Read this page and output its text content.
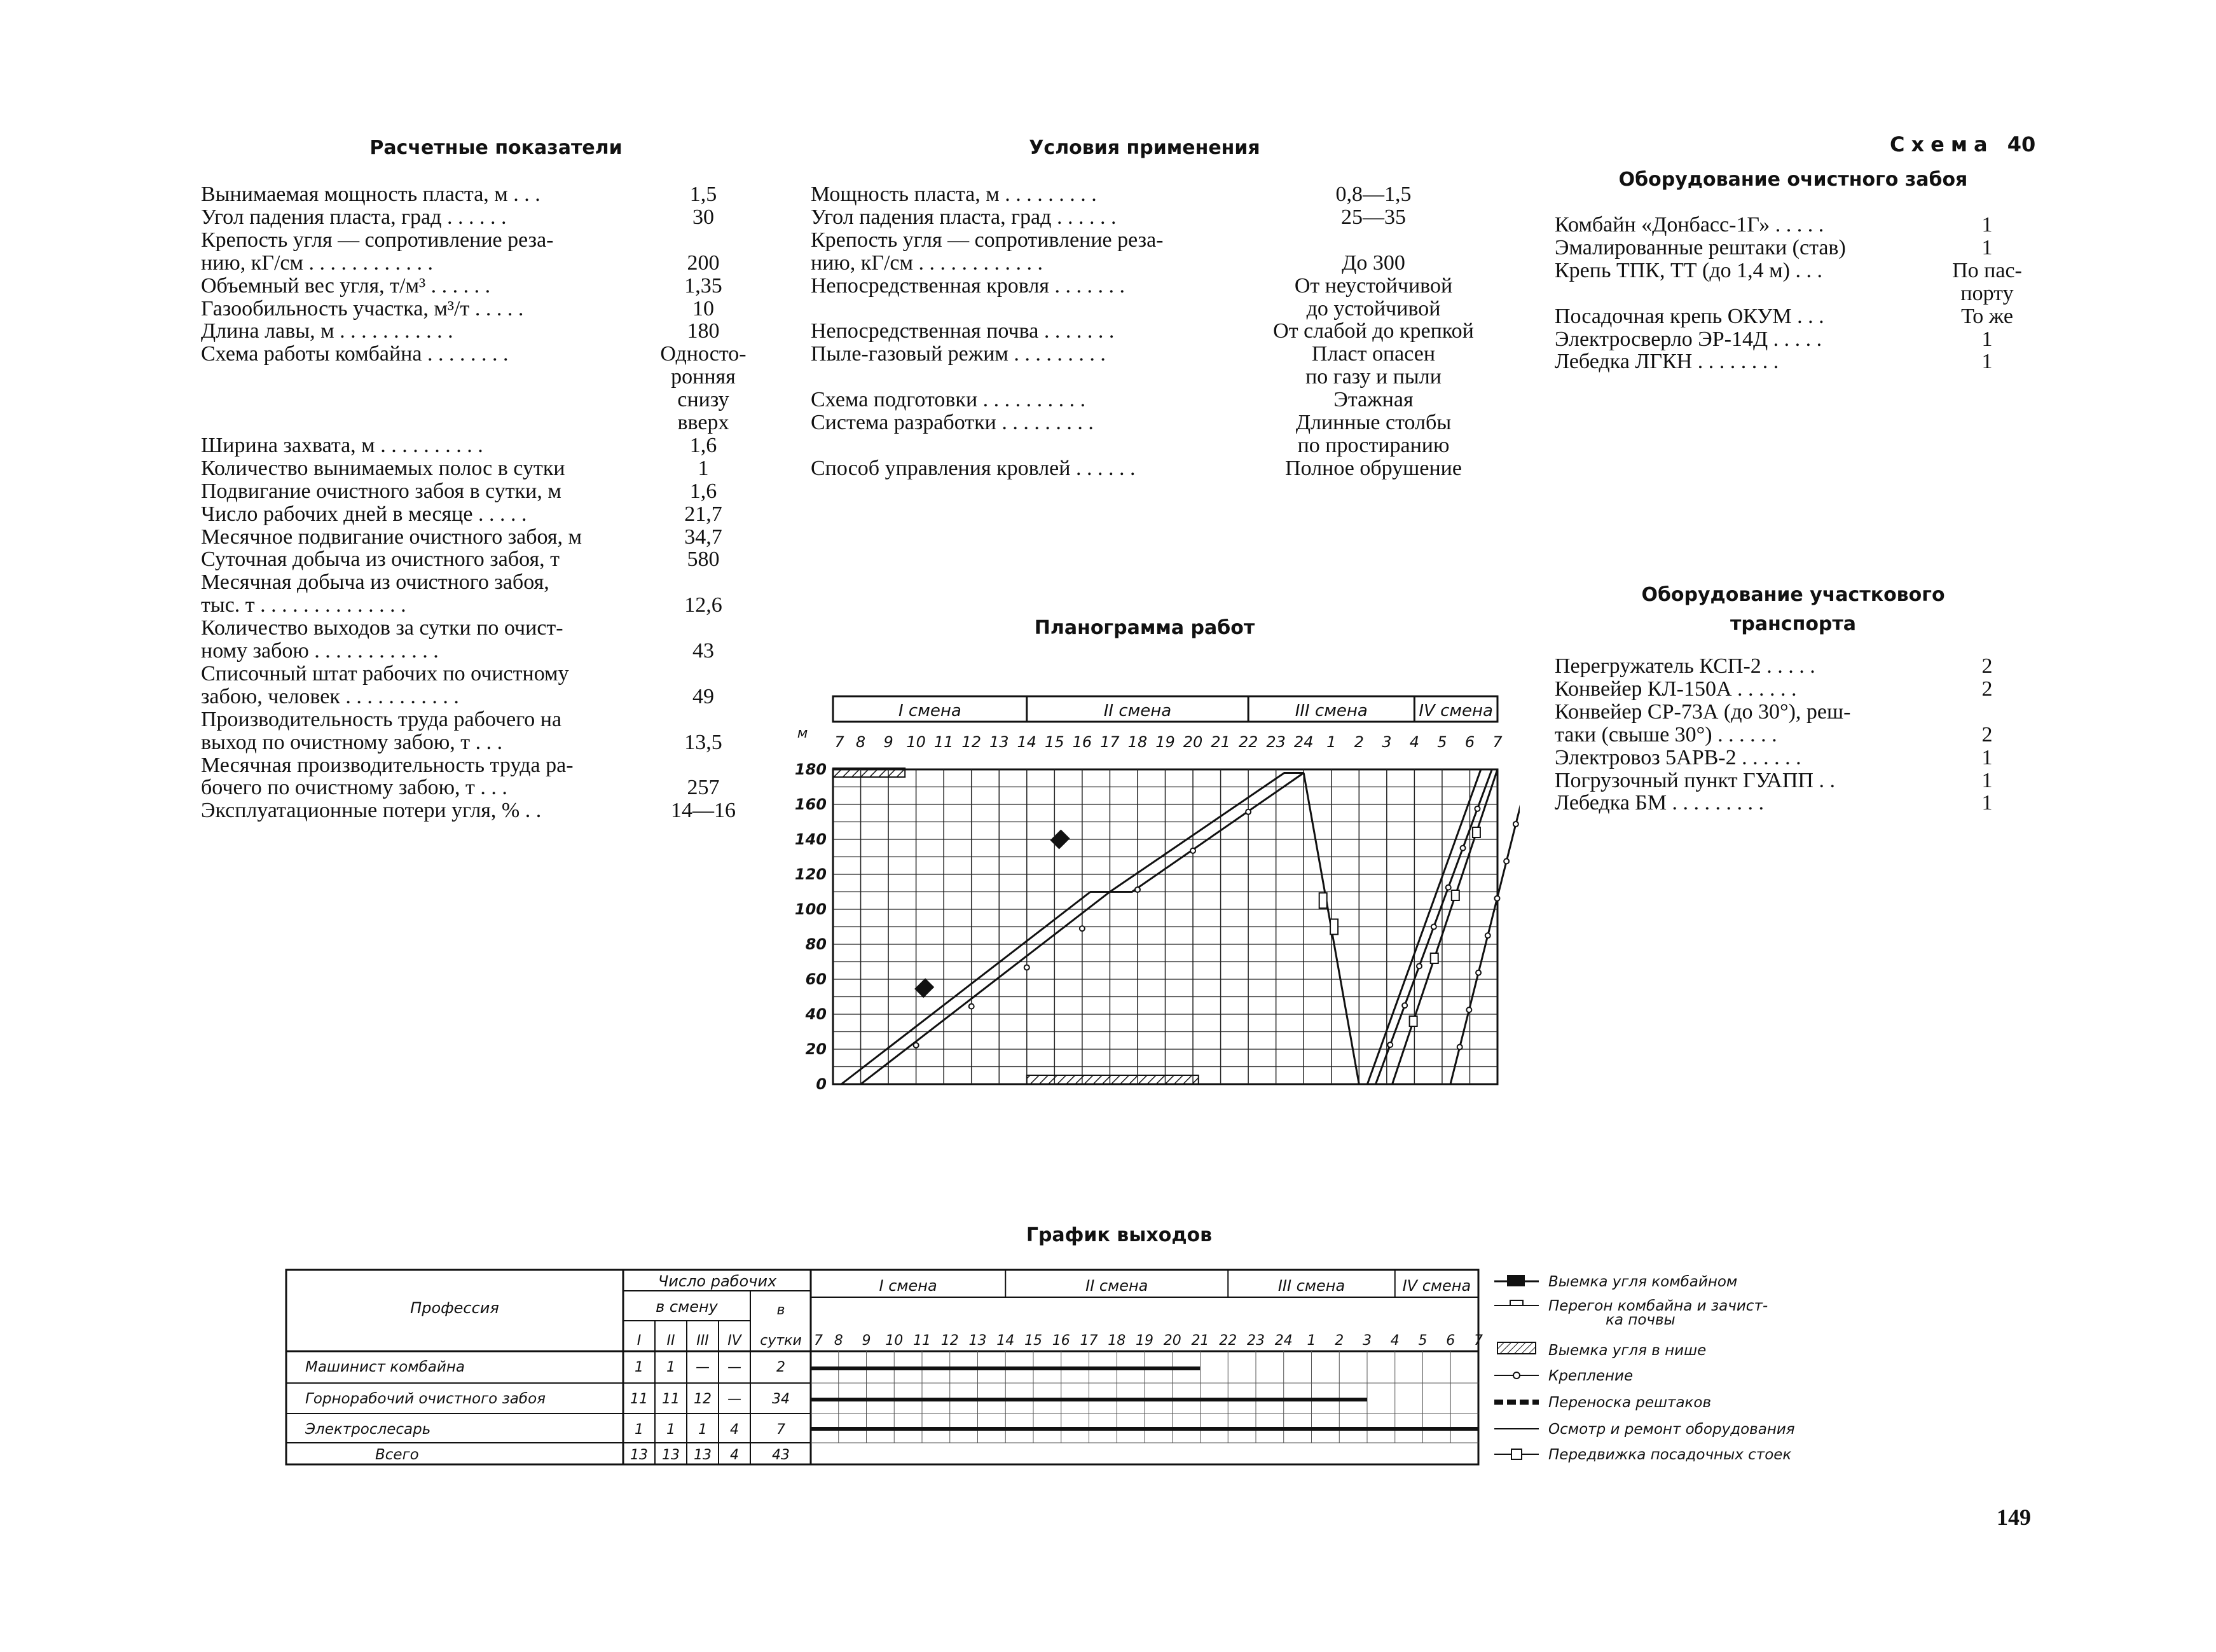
Схема 40
Расчетные показатели
Вынимаемая мощность пласта, м . . .	1,5
Угол падения пласта, град . . . . . .	30
Крепость угля — сопротивление реза-
нию, кГ/см . . . . . . . . . . . .	200
Объемный вес угля, т/м³ . . . . . .	1,35
Газообильность участка, м³/т . . . . .	10
Длина лавы, м . . . . . . . . . . .	180
Схема работы комбайна . . . . . . . .	Односто-
ронняя
снизу
вверх
Ширина захвата, м . . . . . . . . . .	1,6
Количество вынимаемых полос в сутки	1
Подвигание очистного забоя в сутки, м	1,6
Число рабочих дней в месяце . . . . .	21,7
Месячное подвигание очистного забоя, м	34,7
Суточная добыча из очистного забоя, т	580
Месячная добыча из очистного забоя,
тыс. т . . . . . . . . . . . . . .	12,6
Количество выходов за сутки по очист-
ному забою . . . . . . . . . . . .	43
Списочный штат рабочих по очистному
забою, человек . . . . . . . . . . .	49
Производительность труда рабочего на
выход по очистному забою, т . . .	13,5
Месячная производительность труда ра-
бочего по очистному забою, т . . .	257
Эксплуатационные потери угля, % . .	14—16
Условия применения
Мощность пласта, м . . . . . . . . .	0,8—1,5
Угол падения пласта, град . . . . . .	25—35
Крепость угля — сопротивление реза-
нию, кГ/см . . . . . . . . . . . .	До 300
Непосредственная кровля . . . . . . .	От неустойчивой
до устойчивой
Непосредственная почва . . . . . . .	От слабой до крепкой
Пыле-газовый режим . . . . . . . . .	Пласт опасен
по газу и пыли
Схема подготовки . . . . . . . . . .	Этажная
Система разработки . . . . . . . . .	Длинные столбы
по простиранию
Способ управления кровлей . . . . . .	Полное обрушение
Оборудование очистного забоя
Комбайн «Донбасс-1Г» . . . . .	1
Эмалированные рештаки (став)	1
Крепь ТПК, ТТ (до 1,4 м) . . .	По пас-
порту
Посадочная крепь ОКУМ . . .	То же
Электросверло ЭР-14Д . . . . .	1
Лебедка ЛГКН . . . . . . . .	1
Оборудование участкового
транспорта
Перегружатель КСП-2 . . . . .	2
Конвейер КЛ-150А . . . . . .	2
Конвейер СР-73А (до 30°), реш-
таки (свыше 30°) . . . . . .	2
Электровоз 5АРВ-2 . . . . . .	1
Погрузочный пункт ГУАПП . .	1
Лебедка БМ . . . . . . . . .	1
Планограмма работ
I смена	II смена	III смена	IV смена
7 8 9 10 11 12 13 14 15 16 17 18 19 20 21 22 23 24 1 2 3 4 5 6 7
м
180
160
140
120
100
80
60
40
20
0
График выходов
Профессия
Число рабочих
в смену	в
сутки
I II III IV
I смена	II смена	III смена	IV смена
7 8 9 10 11 12 13 14 15 16 17 18 19 20 21 22 23 24 1 2 3 4 5 6 7
Машинист комбайна	1 1 — —	2
Горнорабочий очистного забоя	11 11 12 — 34
Электрослесарь	1 1 1 4	7
Всего	13 13 13 4 43
Выемка угля комбайном
Перегон комбайна и зачист-
Выемка угля в нише
Крепление
Переноска рештаков
Осмотр и ремонт оборудования
Передвижка посадочных стоек
ка почвы
149
